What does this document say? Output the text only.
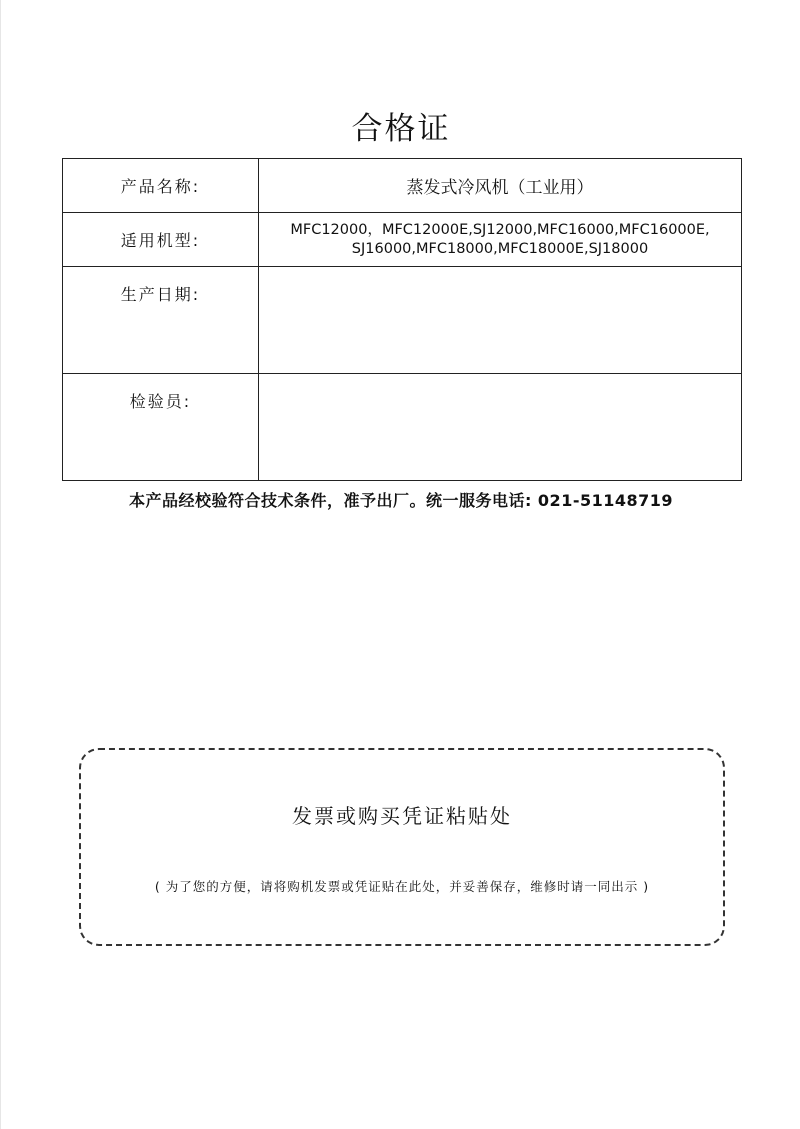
合格证
产品名称:	蒸发式冷风机（工业用）
适用机型:	MFC12000，MFC12000E,SJ12000,MFC16000,MFC16000E,
SJ16000,MFC18000,MFC18000E,SJ18000

生产日期:	
检验员:	
本产品经校验符合技术条件，准予出厂。统一服务电话: 021-51148719
发票或购买凭证粘贴处
( 为了您的方便，请将购机发票或凭证贴在此处，并妥善保存，维修时请一同出示 )
